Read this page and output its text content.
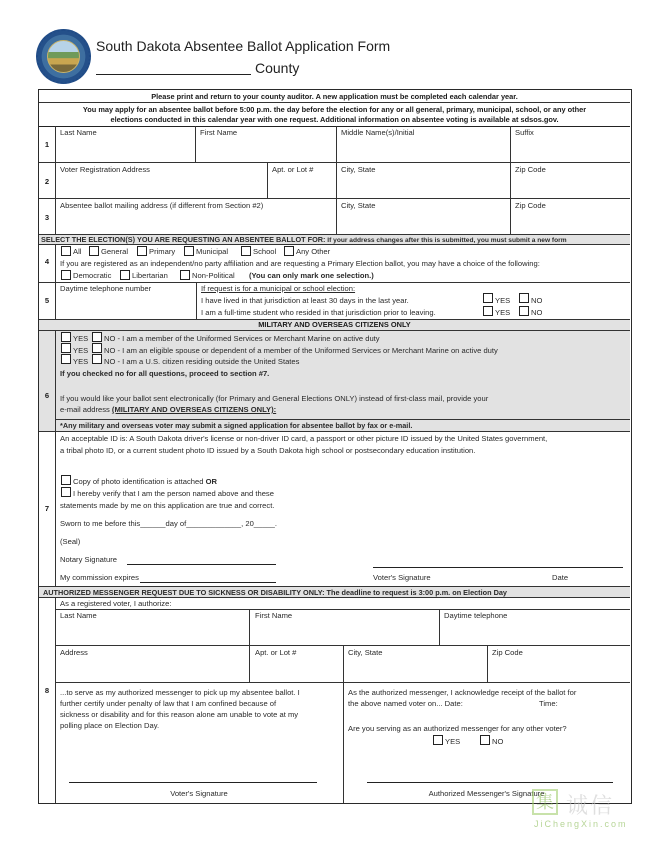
South Dakota Absentee Ballot Application Form
County
Please print and return to your county auditor. A new application must be completed each calendar year.
You may apply for an absentee ballot before 5:00 p.m. the day before the election for any or all general, primary, municipal, school, or any other
elections conducted in this calendar year with one request. Additional information on absentee voting is available at sdsos.gov.
1
Last Name	First Name	Middle Name(s)/Initial	Suffix
2
Voter Registration Address	Apt. or Lot #	City, State	Zip Code
3
Absentee ballot mailing address (if different from Section #2)	City, State	Zip Code
SELECT THE ELECTION(S) YOU ARE REQUESTING AN ABSENTEE BALLOT FOR: If your address changes after this is submitted, you must submit a new form
4
All	General	Primary	Municipal	School	Any Other
If you are registered as an independent/no party affiliation and are requesting a Primary Election ballot, you may have a choice of the following:
Democratic	Libertarian	Non-Political (You can only mark one selection.)
5
Daytime telephone number	If request is for a municipal or school election:
I have lived in that jurisdiction at least 30 days in the last year.
I am a full-time student who resided in that jurisdiction prior to leaving.
YES	NO
YES	NO
MILITARY AND OVERSEAS CITIZENS ONLY
6
YES NO - I am a member of the Uniformed Services or Merchant Marine on active duty
YES NO - I am an eligible spouse or dependent of a member of the Uniformed Services or Merchant Marine on active duty
YES NO - I am a U.S. citizen residing outside the United States
If you checked no for all questions, proceed to section #7.
If you would like your ballot sent electronically (for Primary and General Elections ONLY) instead of first-class mail, provide your
e-mail address (MILITARY AND OVERSEAS CITIZENS ONLY):
*Any military and overseas voter may submit a signed application for absentee ballot by fax or e-mail.
7
An acceptable ID is: A South Dakota driver's license or non-driver ID card, a passport or other picture ID issued by the United States government,
a tribal photo ID, or a current student photo ID issued by a South Dakota high school or postsecondary education institution.
Copy of photo identification is attached OR
I hereby verify that I am the person named above and these
statements made by me on this application are true and correct.
Sworn to me before this______day of_____________, 20_____.
(Seal)
Notary Signature
My commission expires	Voter's Signature	Date
AUTHORIZED MESSENGER REQUEST DUE TO SICKNESS OR DISABILITY ONLY: The deadline to request is 3:00 p.m. on Election Day
8
As a registered voter, I authorize:
Last Name	First Name	Daytime telephone
Address	Apt. or Lot #	City, State	Zip Code
...to serve as my authorized messenger to pick up my absentee ballot. I
further certify under penalty of law that I am confined because of
sickness or disability and for this reason alone am unable to vote at my
polling place on Election Day.
Voter's Signature
As the authorized messenger, I acknowledge receipt of the ballot for
the above named voter on... Date:	Time:
Are you serving as an authorized messenger for any other voter?
YES	NO
Authorized Messenger's Signature
集 诚信
JiChengXin.com
